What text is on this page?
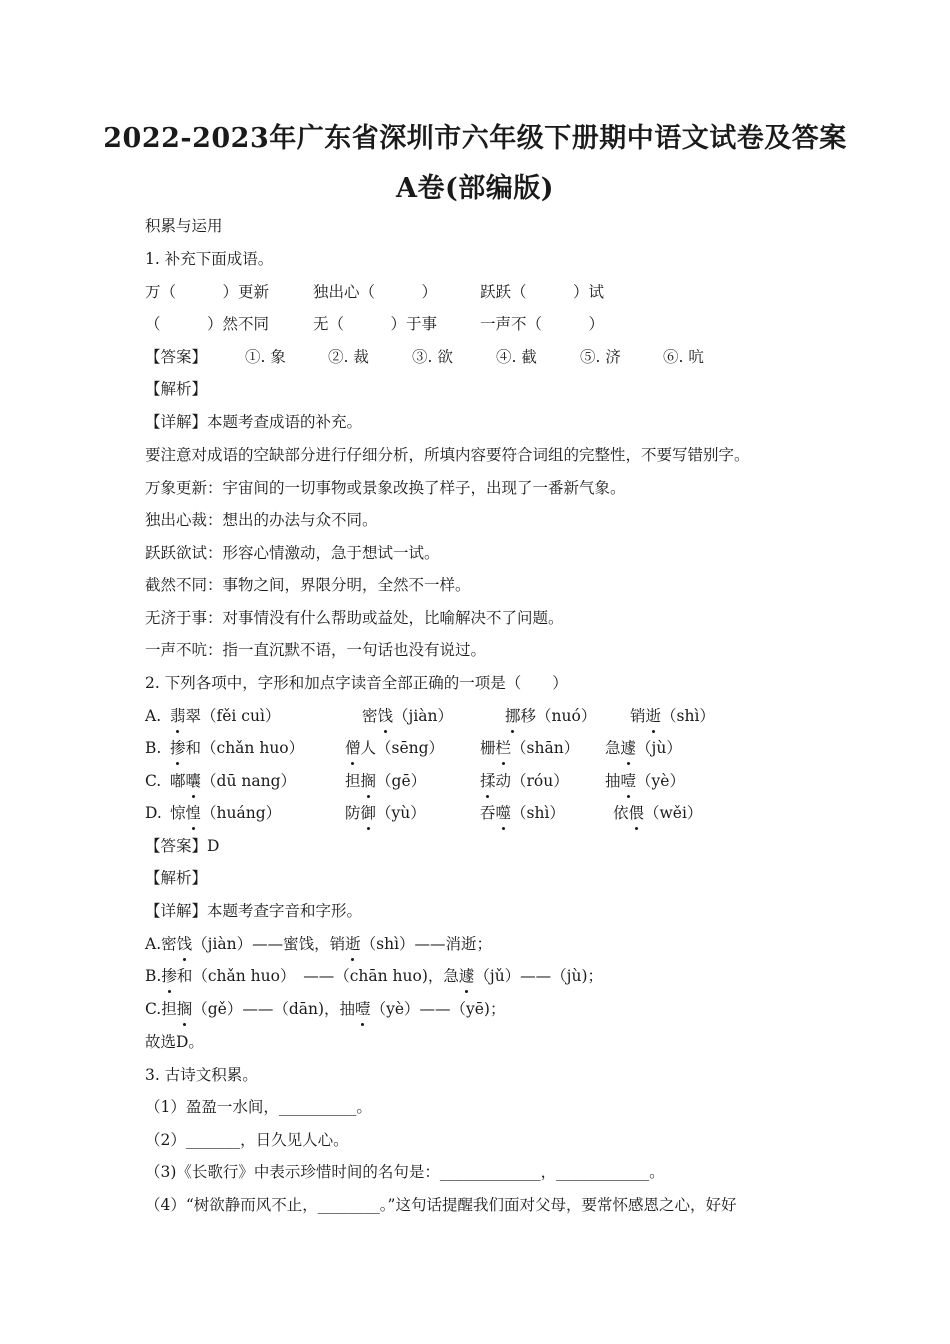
2022-2023年广东省深圳市六年级下册期中语文试卷及答案
A卷(部编版)
积累与运用
1. 补充下面成语。
万（　　　）更新	独出心（　　　）	跃跃（　　　）试
（　　　）然不同	无（　　　）于事	一声不（　　　）
【答案】 ①. 象	②. 裁	③. 欲	④. 截	⑤. 济	⑥. 吭
【解析】
【详解】本题考查成语的补充。
要注意对成语的空缺部分进行仔细分析，所填内容要符合词组的完整性，不要写错别字。
万象更新：宇宙间的一切事物或景象改换了样子，出现了一番新气象。
独出心裁：想出的办法与众不同。
跃跃欲试：形容心情激动，急于想试一试。
截然不同：事物之间，界限分明，全然不一样。
无济于事：对事情没有什么帮助或益处，比喻解决不了问题。
一声不吭：指一直沉默不语，一句话也没有说过。
2. 下列各项中，字形和加点字读音全部正确的一项是（　　）
A. 翡翠（fěi cuì）	密饯（jiàn）	挪移（nuó） 销逝（shì）
B. 掺和（chǎn huo）	僧人（sēng） 栅栏（shān） 急遽（jù）
C. 嘟囔（dū nang）	担搁（gē）	揉动（róu） 抽噎（yè）
D. 惊惶（huáng）	防御（yù）	吞噬（shì）	依偎（wěi）
【答案】D
【解析】
【详解】本题考查字音和字形。
A.密饯（jiàn）——蜜饯，销逝（shì）——消逝；
B.掺和（chǎn huo）　——（chān huo)，急遽（jǔ）——（jù)；
C.担搁（gě）——（dān)，抽噎（yè）——（yē)；
故选D。
3. 古诗文积累。
（1）盈盈一水间，__________。
（2）_______，日久见人心。
（3)《长歌行》中表示珍惜时间的名句是：_____________，____________。
（4）“树欲静而风不止，________。”这句话提醒我们面对父母，要常怀感恩之心，好好
